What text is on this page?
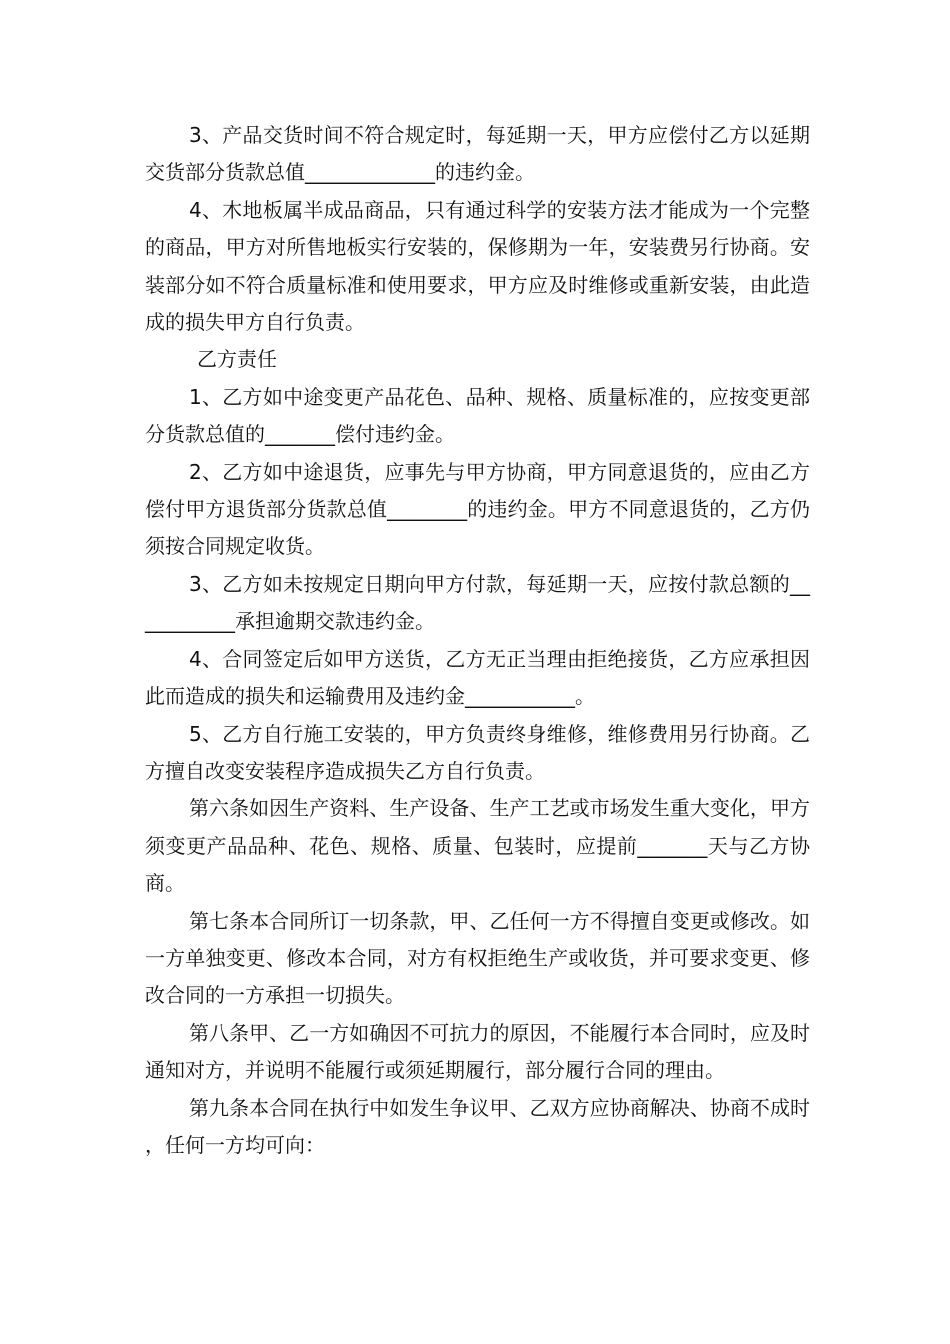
3、产品交货时间不符合规定时，每延期一天，甲方应偿付乙方以延期交货部分货款总值_____________的违约金。

4、木地板属半成品商品，只有通过科学的安装方法才能成为一个完整的商品，甲方对所售地板实行安装的，保修期为一年，安装费另行协商。安装部分如不符合质量标准和使用要求，甲方应及时维修或重新安装，由此造成的损失甲方自行负责。

乙方责任

1、乙方如中途变更产品花色、品种、规格、质量标准的，应按变更部分货款总值的_______偿付违约金。

2、乙方如中途退货，应事先与甲方协商，甲方同意退货的，应由乙方偿付甲方退货部分货款总值________的违约金。甲方不同意退货的，乙方仍须按合同规定收货。

3、乙方如未按规定日期向甲方付款，每延期一天，应按付款总额的___________承担逾期交款违约金。

4、合同签定后如甲方送货，乙方无正当理由拒绝接货，乙方应承担因此而造成的损失和运输费用及违约金___________。

5、乙方自行施工安装的，甲方负责终身维修，维修费用另行协商。乙方擅自改变安装程序造成损失乙方自行负责。

第六条如因生产资料、生产设备、生产工艺或市场发生重大变化，甲方须变更产品品种、花色、规格、质量、包装时，应提前_______天与乙方协商。

第七条本合同所订一切条款，甲、乙任何一方不得擅自变更或修改。如一方单独变更、修改本合同，对方有权拒绝生产或收货，并可要求变更、修改合同的一方承担一切损失。

第八条甲、乙一方如确因不可抗力的原因，不能履行本合同时，应及时通知对方，并说明不能履行或须延期履行，部分履行合同的理由。

第九条本合同在执行中如发生争议甲、乙双方应协商解决、协商不成时，任何一方均可向：
